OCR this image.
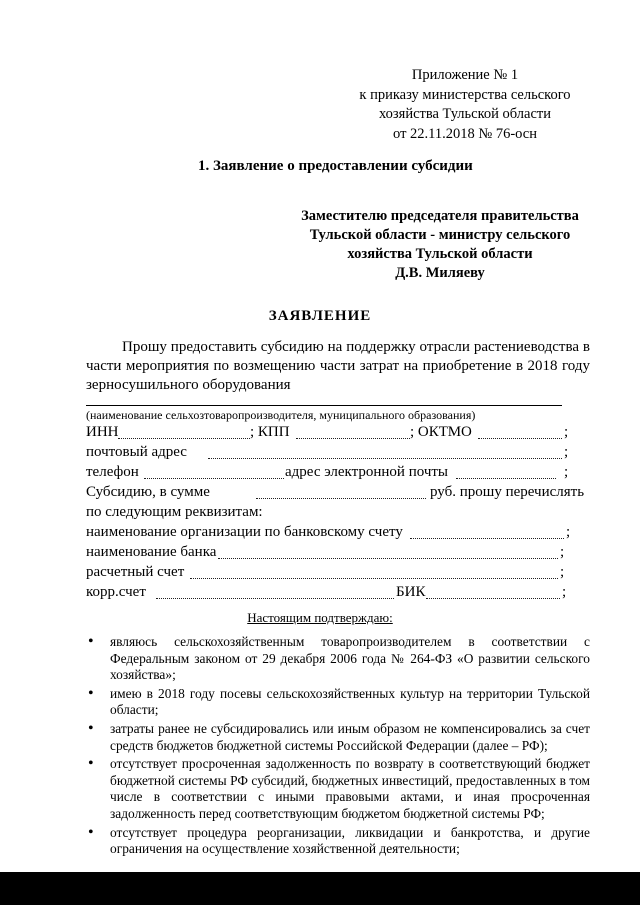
Приложение № 1
к приказу министерства сельского
хозяйства Тульской области
от 22.11.2018 № 76-осн
1. Заявление о предоставлении субсидии
Заместителю председателя правительства
Тульской области - министру сельского
хозяйства Тульской области
Д.В. Миляеву
ЗАЯВЛЕНИЕ

Прошу предоставить субсидию на поддержку отрасли растениеводства в части мероприятия по возмещению части затрат на приобретение в 2018 году зерносушильного оборудования

(наименование сельхозтоваропроизводителя, муниципального образования)
ИНН	; КПП	; ОКТМО	;
почтовый адрес	;
телефон	адрес электронной почты	;
Субсидию, в сумме	руб. прошу перечислять
по следующим реквизитам:
наименование организации по банковскому счету	;
наименование банка	;
расчетный счет	;
корр.счет	БИК	;
Настоящим подтверждаю:
• являюсь сельскохозяйственным товаропроизводителем в соответствии с Федеральным законом от 29 декабря 2006 года № 264-ФЗ «О развитии сельского хозяйства»;
• имею в 2018 году посевы сельскохозяйственных культур на территории Тульской области;
• затраты ранее не субсидировались или иным образом не компенсировались за счет средств бюджетов бюджетной системы Российской Федерации (далее – РФ);
• отсутствует просроченная задолженность по возврату в соответствующий бюджет бюджетной системы РФ субсидий, бюджетных инвестиций, предоставленных в том числе в соответствии с иными правовыми актами, и иная просроченная задолженность перед соответствующим бюджетом бюджетной системы РФ;
• отсутствует процедура реорганизации, ликвидации и банкротства, и другие ограничения на осуществление хозяйственной деятельности;
